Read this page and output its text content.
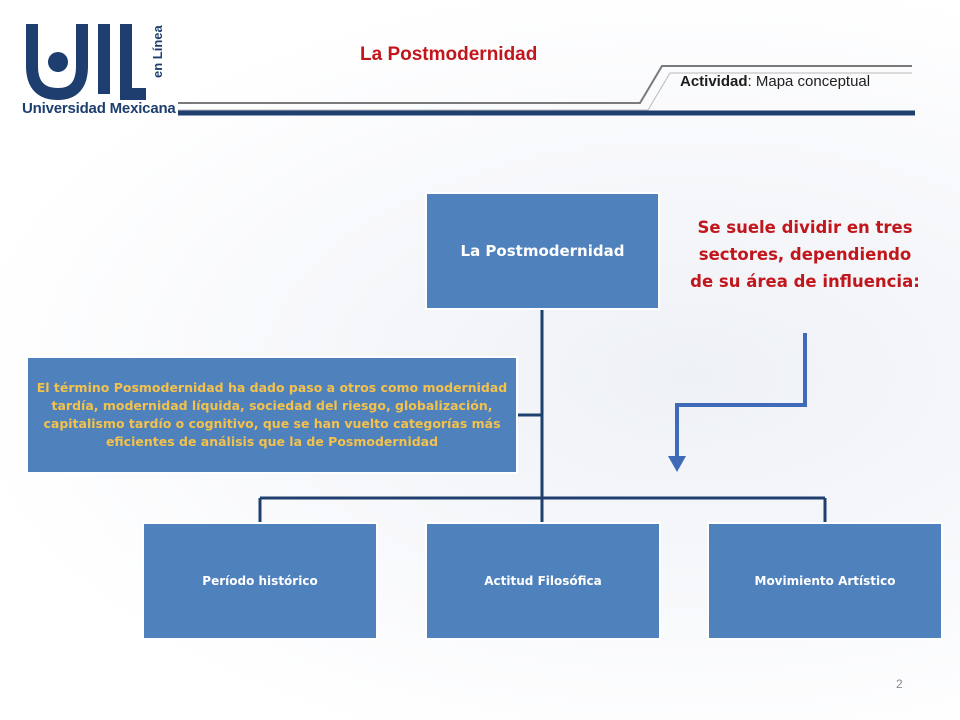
en Línea
Universidad Mexicana
La Postmodernidad
Actividad: Mapa conceptual
La Postmodernidad
El término Posmodernidad ha dado paso a otros como modernidad tardía, modernidad líquida, sociedad del riesgo, globalización, capitalismo tardío o cognitivo, que se han vuelto categorías más eficientes de análisis que la de Posmodernidad
Se suele dividir en tres sectores, dependiendo de su área de influencia:
Período histórico	Actitud Filosófica	Movimiento Artístico
2
